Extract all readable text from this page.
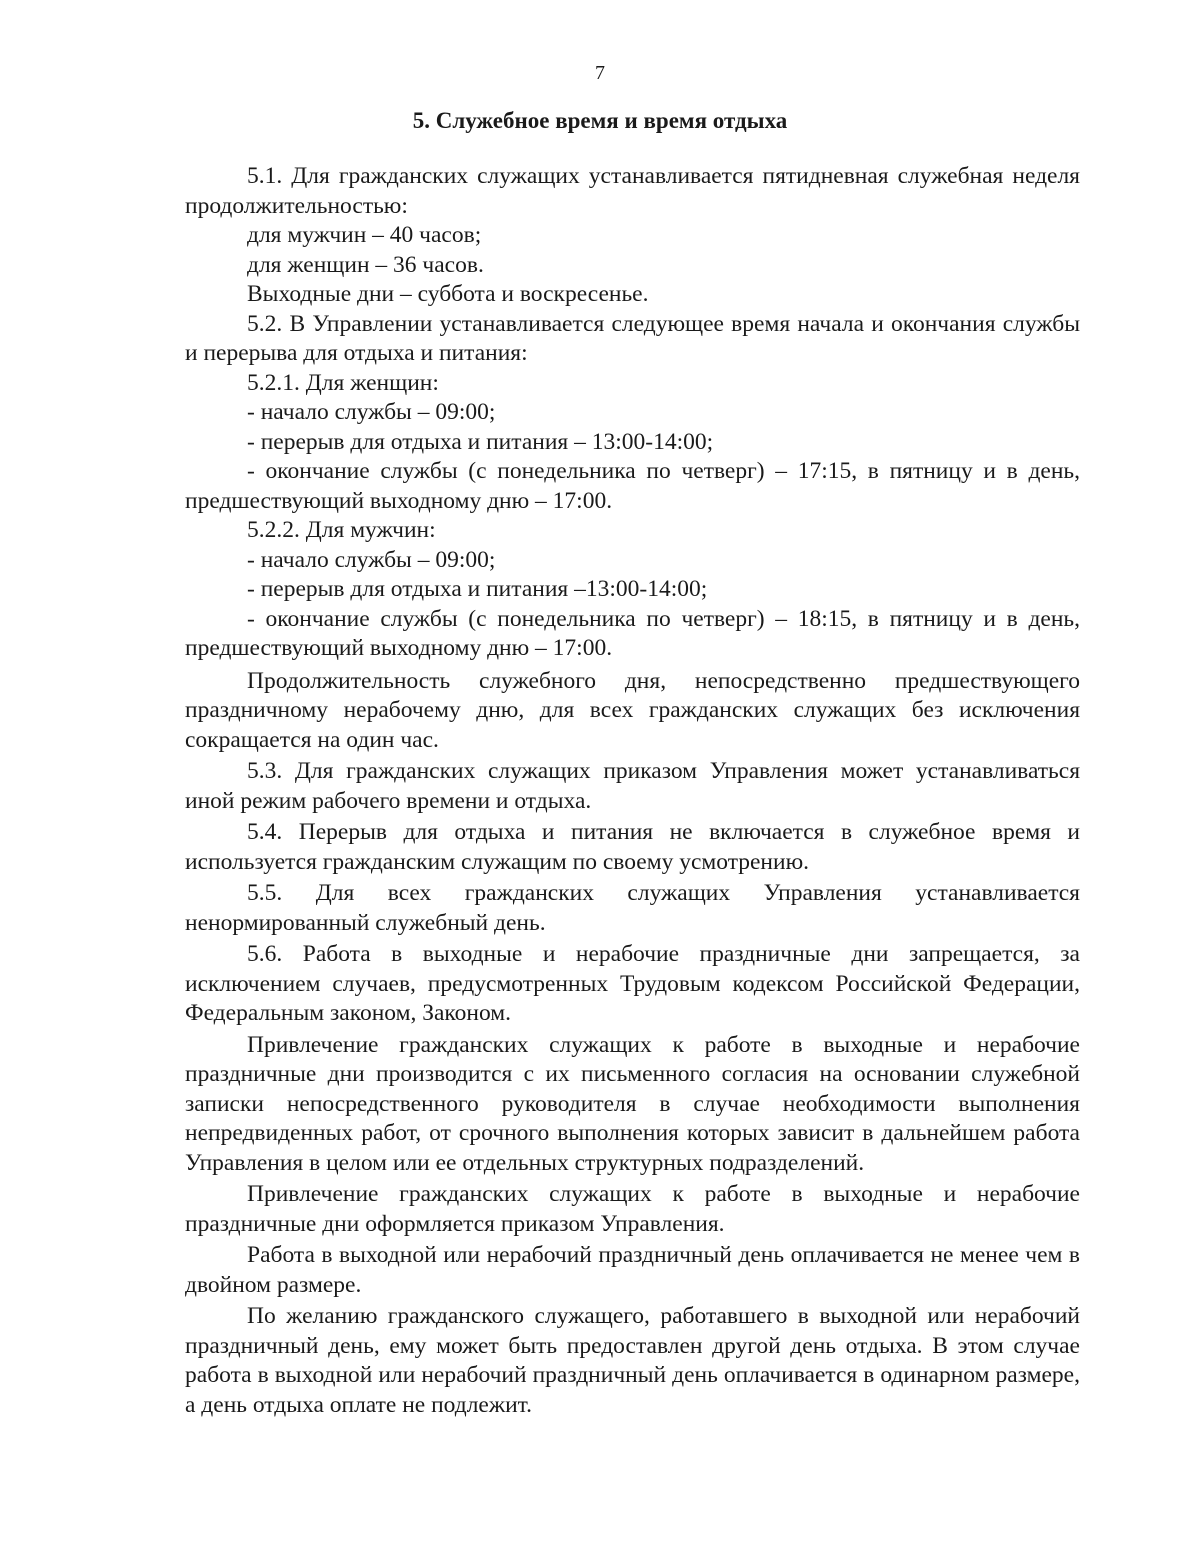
7
5. Служебное время и время отдыха

5.1. Для гражданских служащих устанавливается пятидневная служебная неделя продолжительностью:

для мужчин – 40 часов;

для женщин – 36 часов.

Выходные дни – суббота и воскресенье.

5.2. В Управлении устанавливается следующее время начала и окончания службы и перерыва для отдыха и питания:

5.2.1. Для женщин:

- начало службы – 09:00;

- перерыв для отдыха и питания – 13:00-14:00;

- окончание службы (с понедельника по четверг) – 17:15, в пятницу и в день, предшествующий выходному дню – 17:00.

5.2.2. Для мужчин:

- начало службы – 09:00;

- перерыв для отдыха и питания –13:00-14:00;

- окончание службы (с понедельника по четверг) – 18:15, в пятницу и в день, предшествующий выходному дню – 17:00.

Продолжительность служебного дня, непосредственно предшествующего праздничному нерабочему дню, для всех гражданских служащих без исключения сокращается на один час.

5.3. Для гражданских служащих приказом Управления может устанавливаться иной режим рабочего времени и отдыха.

5.4. Перерыв для отдыха и питания не включается в служебное время и используется гражданским служащим по своему усмотрению.

5.5. Для всех гражданских служащих Управления устанавливается ненормированный служебный день.

5.6. Работа в выходные и нерабочие праздничные дни запрещается, за исключением случаев, предусмотренных Трудовым кодексом Российской Федерации, Федеральным законом, Законом.

Привлечение гражданских служащих к работе в выходные и нерабочие праздничные дни производится с их письменного согласия на основании служебной записки непосредственного руководителя в случае необходимости выполнения непредвиденных работ, от срочного выполнения которых зависит в дальнейшем работа Управления в целом или ее отдельных структурных подразделений.

Привлечение гражданских служащих к работе в выходные и нерабочие праздничные дни оформляется приказом Управления.

Работа в выходной или нерабочий праздничный день оплачивается не менее чем в двойном размере.

По желанию гражданского служащего, работавшего в выходной или нерабочий праздничный день, ему может быть предоставлен другой день отдыха. В этом случае работа в выходной или нерабочий праздничный день оплачивается в одинарном размере, а день отдыха оплате не подлежит.
